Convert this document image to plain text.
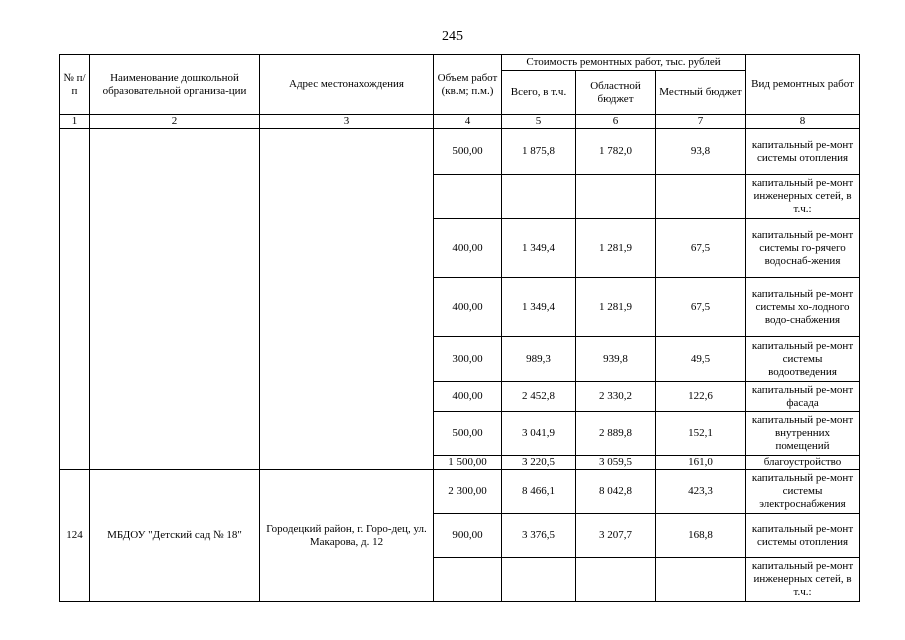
245
№ п/п	Наименование дошкольной образовательной организа-ции	Адрес местонахождения	Объем работ (кв.м; п.м.)	Стоимость ремонтных работ, тыс. рублей			Вид ремонтных работ
				Всего, в т.ч.	Областной бюджет	Местный бюджет	
1	2	3	4	5	6	7	8
			500,00	1 875,8	1 782,0	93,8	капитальный ре-монт системы отопления
							капитальный ре-монт инженерных сетей, в т.ч.:
			400,00	1 349,4	1 281,9	67,5	капитальный ре-монт системы го-рячего водоснаб-жения
			400,00	1 349,4	1 281,9	67,5	капитальный ре-монт системы хо-лодного водо-снабжения
			300,00	989,3	939,8	49,5	капитальный ре-монт системы водоотведения
			400,00	2 452,8	2 330,2	122,6	капитальный ре-монт фасада
			500,00	3 041,9	2 889,8	152,1	капитальный ре-монт внутренних помещений
			1 500,00	3 220,5	3 059,5	161,0	благоустройство
124	МБДОУ "Детский сад № 18"	Городецкий район, г. Горо-дец, ул. Макарова, д. 12	2 300,00	8 466,1	8 042,8	423,3	капитальный ре-монт системы электроснабжения
			900,00	3 376,5	3 207,7	168,8	капитальный ре-монт системы отопления
							капитальный ре-монт инженерных сетей, в т.ч.:
